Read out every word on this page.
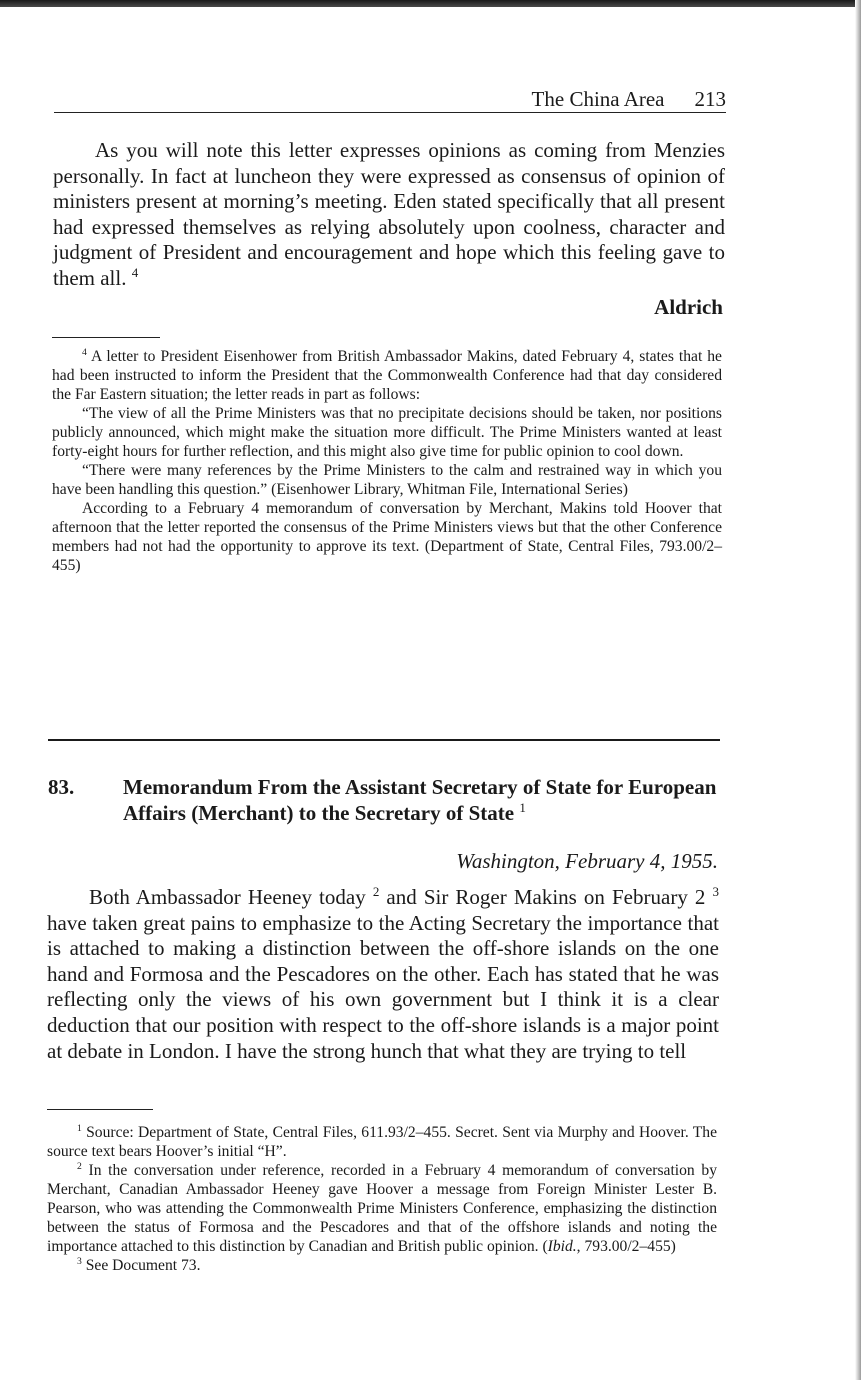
The China Area 213

As you will note this letter expresses opinions as coming from Menzies personally. In fact at luncheon they were expressed as consensus of opinion of ministers present at morning’s meeting. Eden stated specifically that all present had expressed themselves as relying absolutely upon coolness, character and judgment of President and encouragement and hope which this feeling gave to them all. $^4$

Aldrich

$^4$ A letter to President Eisenhower from British Ambassador Makins, dated February 4, states that he had been instructed to inform the President that the Commonwealth Conference had that day considered the Far Eastern situation; the letter reads in part as follows:

“The view of all the Prime Ministers was that no precipitate decisions should be taken, nor positions publicly announced, which might make the situation more difficult. The Prime Ministers wanted at least forty-eight hours for further reflection, and this might also give time for public opinion to cool down.

“There were many references by the Prime Ministers to the calm and restrained way in which you have been handling this question.” (Eisenhower Library, Whitman File, International Series)

According to a February 4 memorandum of conversation by Merchant, Makins told Hoover that afternoon that the letter reported the consensus of the Prime Ministers views but that the other Conference members had not had the opportunity to approve its text. (Department of State, Central Files, 793.00/2–455)

83.	Memorandum From the Assistant Secretary of State for European Affairs (Merchant) to the Secretary of State $^1$
Washington, February 4, 1955.

Both Ambassador Heeney today $^2$ and Sir Roger Makins on February 2 $^3$ have taken great pains to emphasize to the Acting Secretary the importance that is attached to making a distinction between the off-shore islands on the one hand and Formosa and the Pescadores on the other. Each has stated that he was reflecting only the views of his own government but I think it is a clear deduction that our position with respect to the off-shore islands is a major point at debate in London. I have the strong hunch that what they are trying to tell

$^1$ Source: Department of State, Central Files, 611.93/2–455. Secret. Sent via Murphy and Hoover. The source text bears Hoover’s initial “H”.

$^2$ In the conversation under reference, recorded in a February 4 memorandum of conversation by Merchant, Canadian Ambassador Heeney gave Hoover a message from Foreign Minister Lester B. Pearson, who was attending the Commonwealth Prime Ministers Conference, emphasizing the distinction between the status of Formosa and the Pescadores and that of the offshore islands and noting the importance attached to this distinction by Canadian and British public opinion. (Ibid., 793.00/2–455)

$^3$ See Document 73.
